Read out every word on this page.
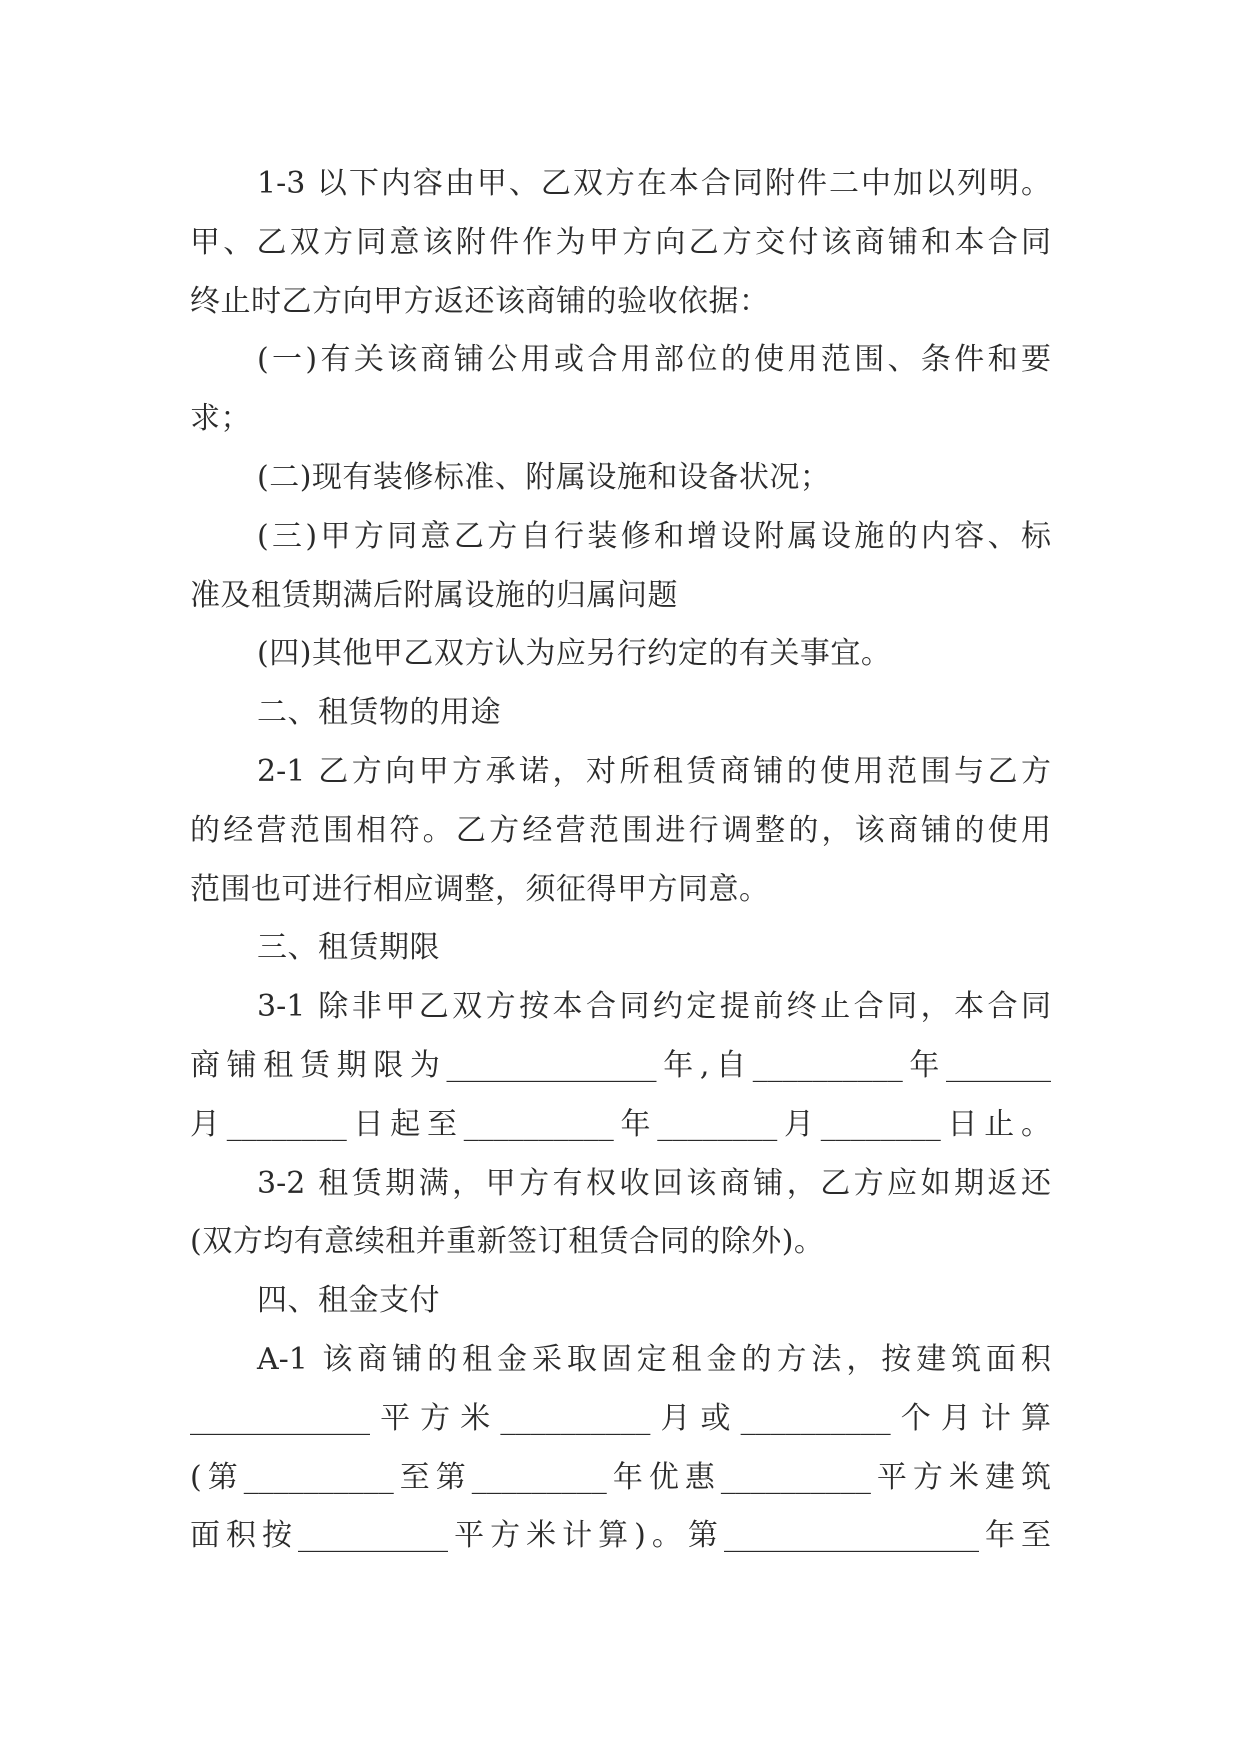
1-3 以下内容由甲、乙双方在本合同附件二中加以列明。
甲、乙双方同意该附件作为甲方向乙方交付该商铺和本合同
终止时乙方向甲方返还该商铺的验收依据：
(一)有关该商铺公用或合用部位的使用范围、条件和要
求；
(二)现有装修标准、附属设施和设备状况；
(三)甲方同意乙方自行装修和增设附属设施的内容、标
准及租赁期满后附属设施的归属问题
(四)其他甲乙双方认为应另行约定的有关事宜。
二、租赁物的用途
2-1 乙方向甲方承诺，对所租赁商铺的使用范围与乙方
的经营范围相符。乙方经营范围进行调整的，该商铺的使用
范围也可进行相应调整，须征得甲方同意。
三、租赁期限
3-1 除非甲乙双方按本合同约定提前终止合同，本合同
商铺租赁期限为______________年,自__________年_______
月________日起至__________年________月________日止。
3-2 租赁期满，甲方有权收回该商铺，乙方应如期返还
(双方均有意续租并重新签订租赁合同的除外)。
四、租金支付
A-1 该商铺的租金采取固定租金的方法，按建筑面积
____________平方米__________月或__________个月计算
(第__________至第_________年优惠__________平方米建筑
面积按__________平方米计算)。第_________________年至
